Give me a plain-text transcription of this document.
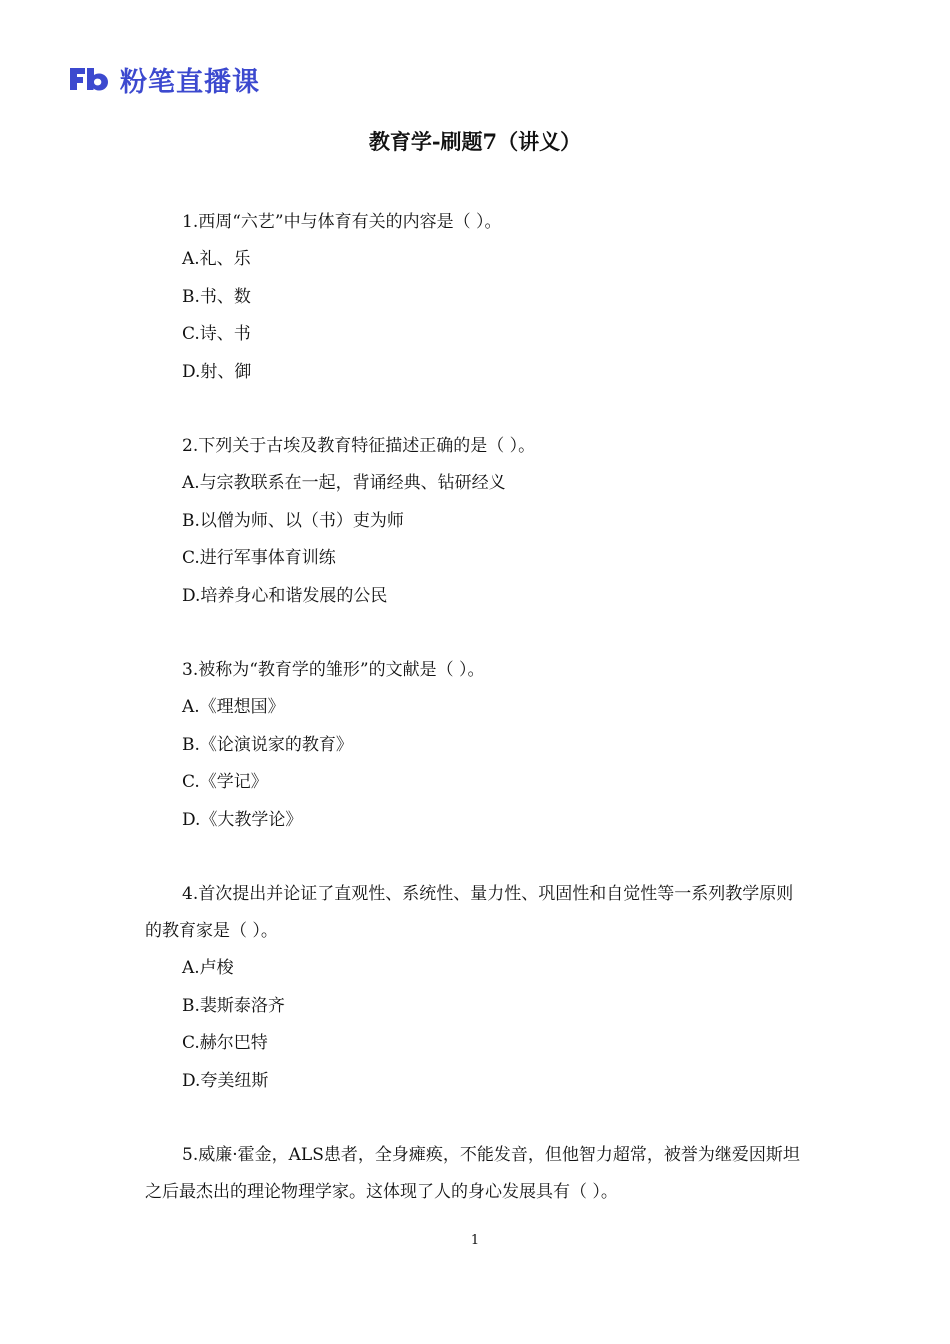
粉笔直播课
教育学-刷题7（讲义）

1.西周“六艺”中与体育有关的内容是（ ）。

A.礼、乐

B.书、数

C.诗、书

D.射、御

2.下列关于古埃及教育特征描述正确的是（ ）。

A.与宗教联系在一起，背诵经典、钻研经义

B.以僧为师、以（书）吏为师

C.进行军事体育训练

D.培养身心和谐发展的公民

3.被称为“教育学的雏形”的文献是（ ）。

A.《理想国》

B.《论演说家的教育》

C.《学记》

D.《大教学论》

4.首次提出并论证了直观性、系统性、量力性、巩固性和自觉性等一系列教学原则的教育家是（ ）。

A.卢梭

B.裴斯泰洛齐

C.赫尔巴特

D.夸美纽斯

5.威廉·霍金，ALS患者，全身瘫痪，不能发音，但他智力超常，被誉为继爱因斯坦之后最杰出的理论物理学家。这体现了人的身心发展具有（ ）。

1
